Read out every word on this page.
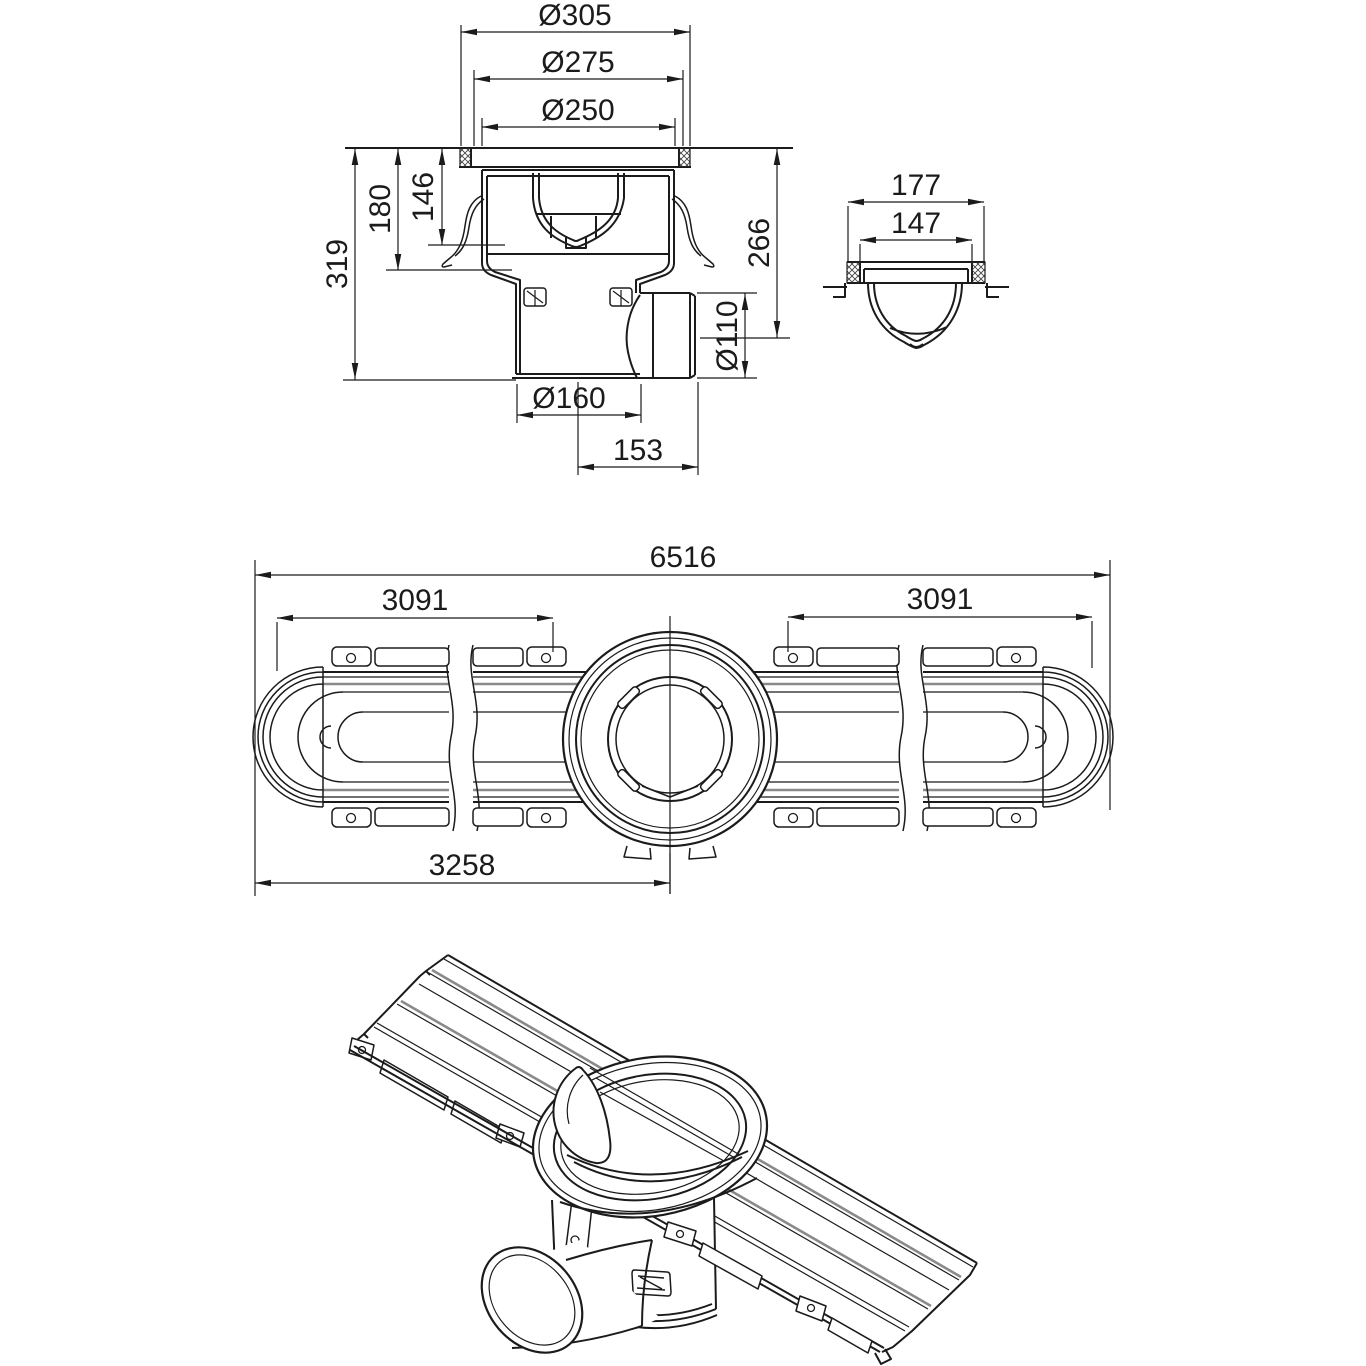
Ø305
Ø275
Ø250
146
180
319	266
Ø110
Ø160
153
177
147
6516
3091	3091
3258
